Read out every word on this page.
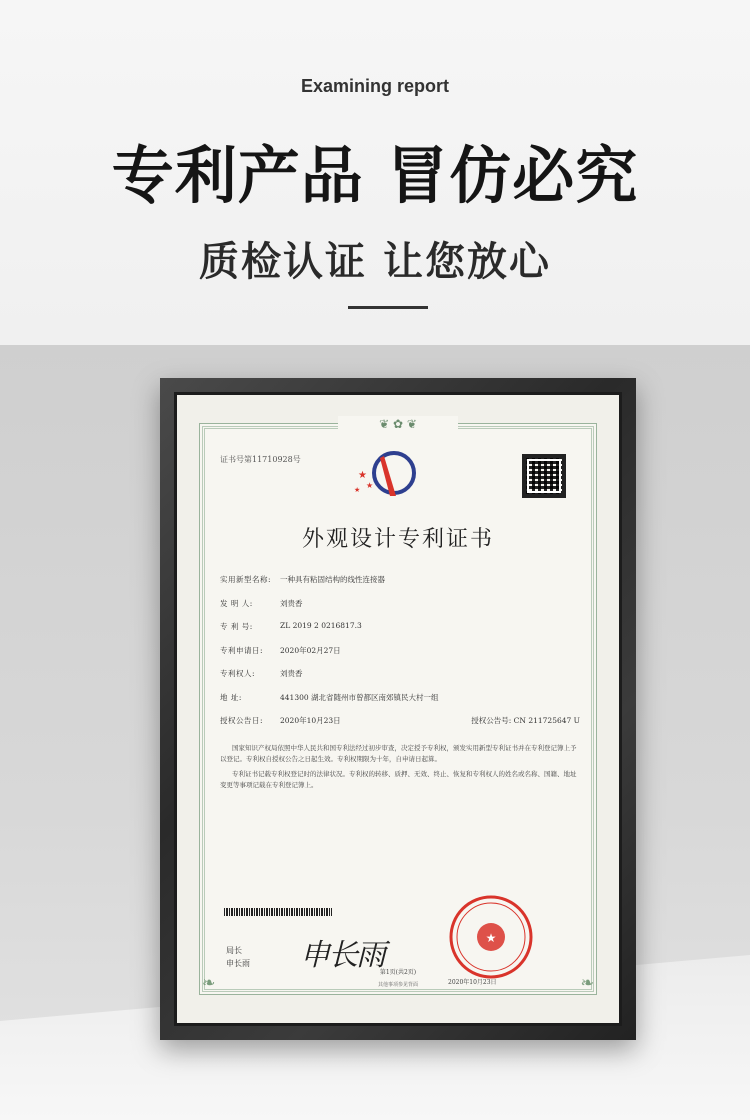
Examining report
专利产品 冒仿必究
质检认证 让您放心
❦ ✿ ❦
❧	❧
证书号第11710928号
★
★
★
外观设计专利证书
实用新型名称:	一种具有粘固结构的线性连接器
发 明 人:	刘贵香
专 利 号:	ZL 2019 2 0216817.3
专利申请日:	2020年02月27日
专利权人:	刘贵香
地 址:	441300 湖北省随州市曾都区南郊镇民大村一组
授权公告日:	2020年10月23日	授权公告号: CN 211725647 U

国家知识产权局依照中华人民共和国专利法经过初步审查，决定授予专利权，颁发实用新型专利证书并在专利登记簿上予以登记。专利权自授权公告之日起生效。专利权期限为十年，自申请日起算。

专利证书记载专利权登记时的法律状况。专利权的转移、质押、无效、终止、恢复和专利权人的姓名或名称、国籍、地址变更等事项记载在专利登记簿上。

局长
申长雨 申长雨	★
2020年10月23日
第1页(共2页)
其他事项参见背面
